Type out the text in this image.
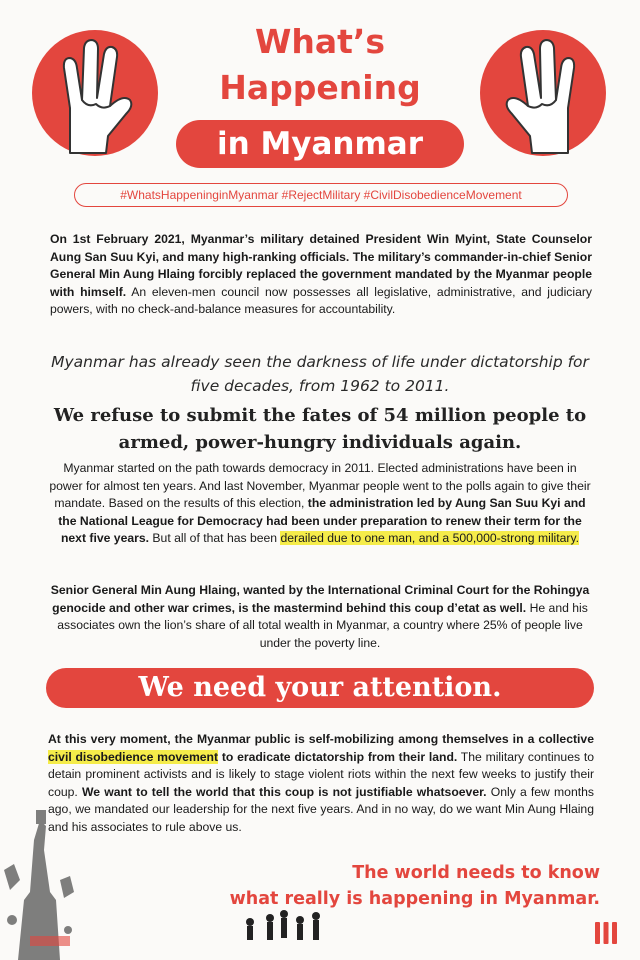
What’s
Happening
in Myanmar
#WhatsHappeninginMyanmar #RejectMilitary #CivilDisobedienceMovement
On 1st February 2021, Myanmar’s military detained President Win Myint, State Counselor Aung San Suu Kyi, and many high-ranking officials. The military’s commander-in-chief Senior General Min Aung Hlaing forcibly replaced the government mandated by the Myanmar people with himself. An eleven-men council now possesses all legislative, administrative, and judiciary powers, with no check-and-balance measures for accountability.
Myanmar has already seen the darkness of life under dictatorship for five decades, from 1962 to 2011.
We refuse to submit the fates of 54 million people to armed, power-hungry individuals again.
Myanmar started on the path towards democracy in 2011. Elected administrations have been in power for almost ten years. And last November, Myanmar people went to the polls again to give their mandate. Based on the results of this election, the administration led by Aung San Suu Kyi and the National League for Democracy had been under preparation to renew their term for the next five years. But all of that has been derailed due to one man, and a 500,000-strong military.
Senior General Min Aung Hlaing, wanted by the International Criminal Court for the Rohingya genocide and other war crimes, is the mastermind behind this coup d’etat as well. He and his associates own the lion’s share of all total wealth in Myanmar, a country where 25% of people live under the poverty line.
We need your attention.
At this very moment, the Myanmar public is self-mobilizing among themselves in a collective civil disobedience movement to eradicate dictatorship from their land. The military continues to detain prominent activists and is likely to stage violent riots within the next few weeks to justify their coup. We want to tell the world that this coup is not justifiable whatsoever. Only a few months ago, we mandated our leadership for the next five years. And in no way, do we want Min Aung Hlaing and his associates to rule above us.
The world needs to know
what really is happening in Myanmar.
